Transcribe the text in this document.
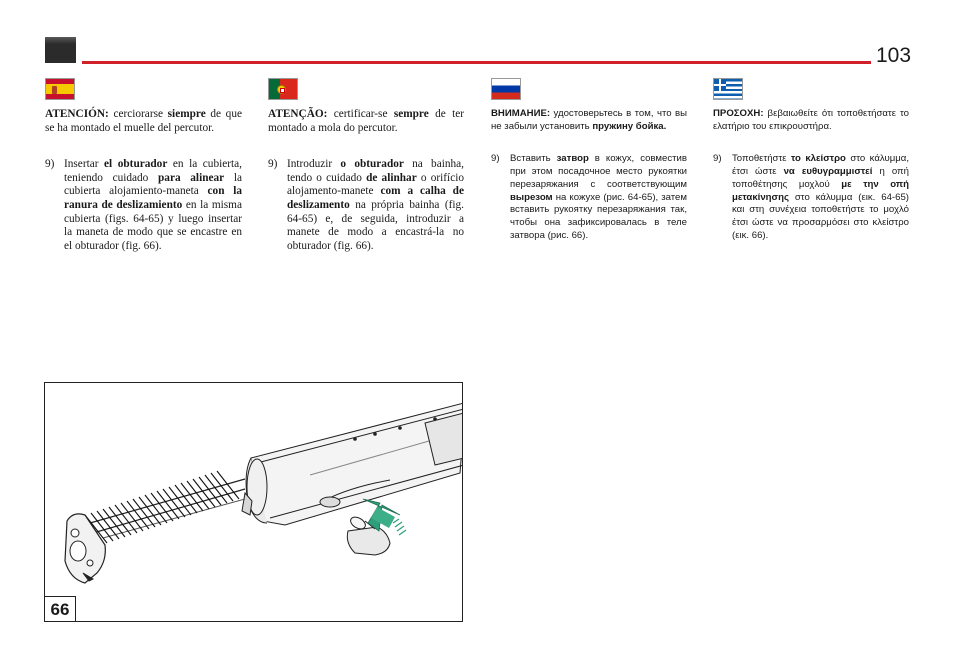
103

ATENCIÓN: cerciorarse siempre de que se ha montado el muelle del percutor.

9) Insertar el obturador en la cubierta, teniendo cuidado para alinear la cubierta alojamiento-maneta con la ranura de deslizamiento en la misma cubierta (figs. 64-65) y luego insertar la maneta de modo que se encastre en el obturador (fig. 66).

ATENÇÃO: certificar-se sempre de ter montado a mola do percutor.

9) Introduzir o obturador na bainha, tendo o cuidado de alinhar o orifício alojamento-manete com a calha de deslizamento na própria bainha (fig. 64-65) e, de seguida, introduzir a manete de modo a encastrá-la no obturador (fig. 66).

ВНИМАНИЕ: удостоверьтесь в том, что вы не забыли установить пружину бойка.

9)	Вставить затвор в кожух, совместив при этом посадочное место рукоятки перезаряжания с соответствующим вырезом на кожухе (рис. 64-65), затем вставить рукоятку перезаряжания так, чтобы она зафиксировалась в теле затвора (рис. 66).

ΠΡΟΣΟΧΗ: βεβαιωθείτε ότι τοποθετήσατε το ελατήριο του επικρουστήρα.

9)	Τοποθετήστε το κλείστρο στο κάλυμμα, έτσι ώστε να ευθυγραμμιστεί η οπή τοποθέτησης μοχλού με την οπή μετακίνησης στο κάλυμμα (εικ. 64-65) και στη συνέχεια τοποθετήστε το μοχλό έτσι ώστε να προσαρμόσει στο κλείστρο (εικ. 66).
66
